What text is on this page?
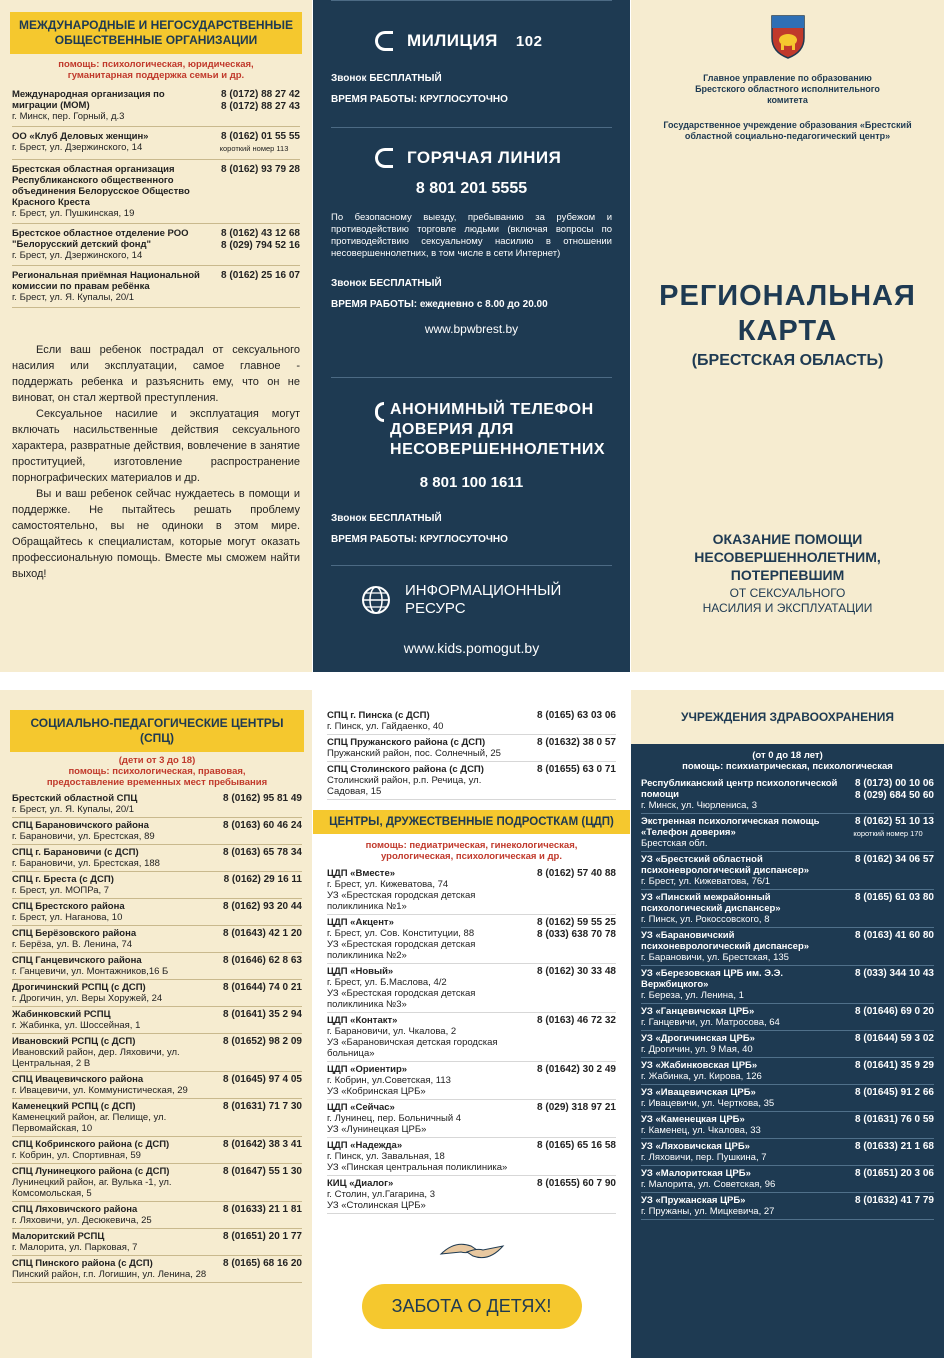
МЕЖДУНАРОДНЫЕ И НЕГОСУДАРСТВЕННЫЕ ОБЩЕСТВЕННЫЕ ОРГАНИЗАЦИИ
помощь: психологическая, юридическая, гуманитарная поддержка семьи и др.
Международная организация по миграции (МОМ)
г. Минск, пер. Горный, д.3
8 (0172) 88 27 42
8 (0172) 88 27 43
ОО «Клуб Деловых женщин»
г. Брест, ул. Дзержинского, 14
8 (0162) 01 55 55
короткий номер 113
Брестская областная организация Республиканского общественного объединения Белорусское Общество Красного Креста
г. Брест, ул. Пушкинская, 19
8 (0162) 93 79 28
Брестское областное отделение РОО "Белорусский детский фонд"
г. Брест, ул. Дзержинского, 14
8 (0162) 43 12 68
8 (029) 794 52 16
Региональная приёмная Национальной комиссии по правам ребёнка
г. Брест, ул. Я. Купалы, 20/1
8 (0162) 25 16 07

Если ваш ребенок пострадал от сексуального насилия или эксплуатации, самое главное - поддержать ребенка и разъяснить ему, что он не виноват, он стал жертвой преступления.

Сексуальное насилие и эксплуатация могут включать насильственные действия сексуального характера, развратные действия, вовлечение в занятие проституцией, изготовление распространение порнографических материалов и др.

Вы и ваш ребенок сейчас нуждаетесь в помощи и поддержке. Не пытайтесь решать проблему самостоятельно, вы не одиноки в этом мире. Обращайтесь к специалистам, которые могут оказать профессиональную помощь. Вместе мы сможем найти выход!

МИЛИЦИЯ 102
Звонок БЕСПЛАТНЫЙ
ВРЕМЯ РАБОТЫ: КРУГЛОСУТОЧНО
ГОРЯЧАЯ ЛИНИЯ
8 801 201 5555
По безопасному выезду, пребыванию за рубежом и противодействию торговле людьми (включая вопросы по противодействию сексуальному насилию в отношении несовершеннолетних, в том числе в сети Интернет)
Звонок БЕСПЛАТНЫЙ
ВРЕМЯ РАБОТЫ: ежедневно с 8.00 до 20.00
www.bpwbrest.by
АНОНИМНЫЙ ТЕЛЕФОН ДОВЕРИЯ ДЛЯ НЕСОВЕРШЕННОЛЕТНИХ
8 801 100 1611
Звонок БЕСПЛАТНЫЙ
ВРЕМЯ РАБОТЫ: КРУГЛОСУТОЧНО
ИНФОРМАЦИОННЫЙ РЕСУРС
www.kids.pomogut.by
Главное управление по образованию Брестского областного исполнительного комитета
Государственное учреждение образования «Брестский областной социально-педагогический центр»
РЕГИОНАЛЬНАЯ
КАРТА
(БРЕСТСКАЯ ОБЛАСТЬ)
ОКАЗАНИЕ ПОМОЩИ НЕСОВЕРШЕННОЛЕТНИМ, ПОТЕРПЕВШИМ
ОТ СЕКСУАЛЬНОГО НАСИЛИЯ И ЭКСПЛУАТАЦИИ
СОЦИАЛЬНО-ПЕДАГОГИЧЕСКИЕ ЦЕНТРЫ (СПЦ)
(дети от 3 до 18)
помощь: психологическая, правовая, предоставление временных мест пребывания
Брестский областной СПЦ
г. Брест, ул. Я. Купалы, 20/1
8 (0162) 95 81 49
СПЦ Барановичского района
г. Барановичи, ул. Брестская, 89
8 (0163) 60 46 24
СПЦ г. Барановичи (с ДСП)
г. Барановичи, ул. Брестская, 188
8 (0163) 65 78 34
СПЦ г. Бреста (с ДСП)
г. Брест, ул. МОПРа, 7
8 (0162) 29 16 11
СПЦ Брестского района
г. Брест, ул. Наганова, 10
8 (0162) 93 20 44
СПЦ Берёзовского района
г. Берёза, ул. В. Ленина, 74
8 (01643) 42 1 20
СПЦ Ганцевичского района
г. Ганцевичи, ул. Монтажников,16 Б
8 (01646) 62 8 63
Дрогичинский РСПЦ (с ДСП)
г. Дрогичин, ул. Веры Хоружей, 24
8 (01644) 74 0 21
Жабинковский РСПЦ
г. Жабинка, ул. Шоссейная, 1
8 (01641) 35 2 94
Ивановский РСПЦ (с ДСП)
Ивановский район, дер. Ляховичи, ул. Центральная, 2 В
8 (01652) 98 2 09
СПЦ Ивацевичского района
г. Ивацевичи, ул. Коммунистическая, 29
8 (01645) 97 4 05
Каменецкий РСПЦ (с ДСП)
Каменецкий район, аг. Пелище, ул. Первомайская, 10
8 (01631) 71 7 30
СПЦ Кобринского района (с ДСП)
г. Кобрин, ул. Спортивная, 59
8 (01642) 38 3 41
СПЦ Лунинецкого района (с ДСП)
Лунинецкий район, аг. Вулька -1, ул. Комсомольская, 5
8 (01647) 55 1 30
СПЦ Ляховичского района
г. Ляховичи, ул. Десюкевича, 25
8 (01633) 21 1 81
Малоритский РСПЦ
г. Малорита, ул. Парковая, 7
8 (01651) 20 1 77
СПЦ Пинского района (с ДСП)
Пинский район, г.п. Логишин, ул. Ленина, 28
8 (0165) 68 16 20
СПЦ г. Пинска (с ДСП)
г. Пинск, ул. Гайдаенко, 40
8 (0165) 63 03 06
СПЦ Пружанского района (с ДСП)
Пружанский район, пос. Солнечный, 25
8 (01632) 38 0 57
СПЦ Столинского района (с ДСП)
Столинский район, р.п. Речица, ул. Садовая, 15
8 (01655) 63 0 71
ЦЕНТРЫ, ДРУЖЕСТВЕННЫЕ ПОДРОСТКАМ (ЦДП)
помощь: педиатрическая, гинекологическая, урологическая, психологическая и др.
ЦДП «Вместе»
г. Брест, ул. Кижеватова, 74
УЗ «Брестская городская детская поликлиника №1»
8 (0162) 57 40 88
ЦДП «Акцент»
г. Брест, ул. Сов. Конституции, 88
УЗ «Брестская городская детская поликлиника №2»
8 (0162) 59 55 25
8 (033) 638 70 78
ЦДП «Новый»
г. Брест, ул. Б.Маслова, 4/2
УЗ «Брестская городская детская поликлиника №3»
8 (0162) 30 33 48
ЦДП «Контакт»
г. Барановичи, ул. Чкалова, 2
УЗ «Барановичская детская городская больница»
8 (0163) 46 72 32
ЦДП «Ориентир»
г. Кобрин, ул.Советская, 113
УЗ «Кобринская ЦРБ»
8 (01642) 30 2 49
ЦДП «Сейчас»
г. Лунинец, пер. Больничный 4
УЗ «Лунинецкая ЦРБ»
8 (029) 318 97 21
ЦДП «Надежда»
г. Пинск, ул. Завальная, 18
УЗ «Пинская центральная поликлиника»
8 (0165) 65 16 58
КИЦ «Диалог»
г. Столин, ул.Гагарина, 3
УЗ «Столинская ЦРБ»
8 (01655) 60 7 90
ЗАБОТА О ДЕТЯХ!
УЧРЕЖДЕНИЯ ЗДРАВООХРАНЕНИЯ
(от 0 до 18 лет)
помощь: психиатрическая, психологическая
Республиканский центр психологической помощи
г. Минск, ул. Чюрлениса, 3
8 (0173) 00 10 06
8 (029) 684 50 60
Экстренная психологическая помощь «Телефон доверия»
Брестская обл.
8 (0162) 51 10 13
короткий номер 170
УЗ «Брестский областной психоневрологический диспансер»
г. Брест, ул. Кижеватова, 76/1
8 (0162) 34 06 57
УЗ «Пинский межрайонный психологический диспансер»
г. Пинск, ул. Рокоссовского, 8
8 (0165) 61 03 80
УЗ «Барановичский психоневрологический диспансер»
г. Барановичи, ул. Брестская, 135
8 (0163) 41 60 80
УЗ «Березовская ЦРБ им. Э.Э. Вержбицкого»
г. Береза, ул. Ленина, 1
8 (033) 344 10 43
УЗ «Ганцевичская ЦРБ»
г. Ганцевичи, ул. Матросова, 64
8 (01646) 69 0 20
УЗ «Дрогичинская ЦРБ»
г. Дрогичин, ул. 9 Мая, 40
8 (01644) 59 3 02
УЗ «Жабинковская ЦРБ»
г. Жабинка, ул. Кирова, 126
8 (01641) 35 9 29
УЗ «Ивацевичская ЦРБ»
г. Ивацевичи, ул. Черткова, 35
8 (01645) 91 2 66
УЗ «Каменецкая ЦРБ»
г. Каменец, ул. Чкалова, 33
8 (01631) 76 0 59
УЗ «Ляховичская ЦРБ»
г. Ляховичи, пер. Пушкина, 7
8 (01633) 21 1 68
УЗ «Малоритская ЦРБ»
г. Малорита, ул. Советская, 96
8 (01651) 20 3 06
УЗ «Пружанская ЦРБ»
г. Пружаны, ул. Мицкевича, 27
8 (01632) 41 7 79
